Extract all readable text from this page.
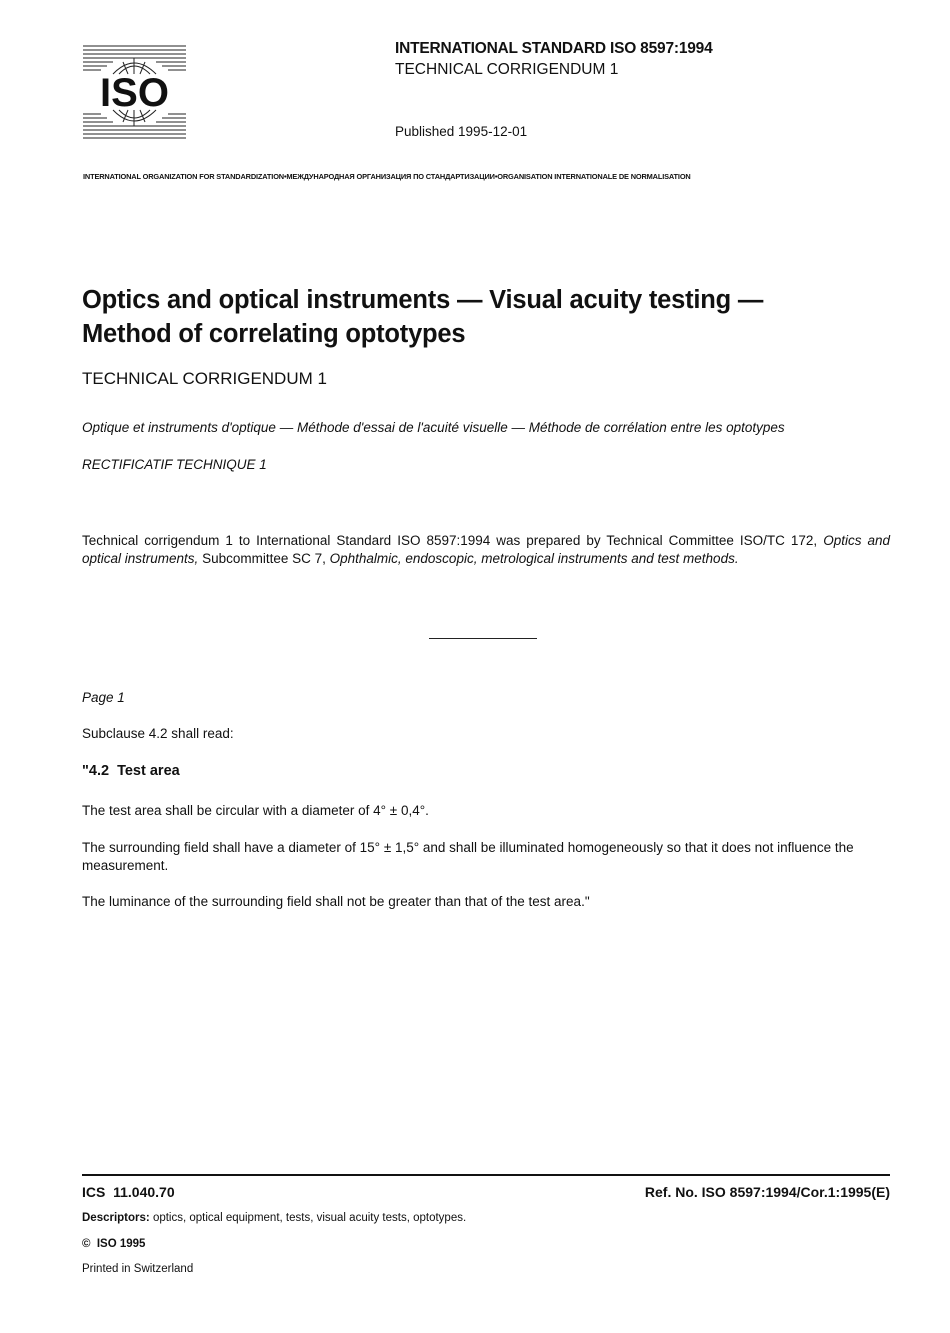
ISO
INTERNATIONAL STANDARD ISO 8597:1994
TECHNICAL CORRIGENDUM 1
Published 1995-12-01
INTERNATIONAL ORGANIZATION FOR STANDARDIZATION•МЕЖДУНАРОДНАЯ ОРГАНИЗАЦИЯ ПО СТАНДАРТИЗАЦИИ•ORGANISATION INTERNATIONALE DE NORMALISATION
Optics and optical instruments — Visual acuity testing —
Method of correlating optotypes
TECHNICAL CORRIGENDUM 1
Optique et instruments d'optique — Méthode d'essai de l'acuité visuelle — Méthode de corrélation entre les optotypes
RECTIFICATIF TECHNIQUE 1
Technical corrigendum 1 to International Standard ISO 8597:1994 was prepared by Technical Committee ISO/TC 172, Optics and optical instruments, Subcommittee SC 7, Ophthalmic, endoscopic, metrological instruments and test methods.
Page 1
Subclause 4.2 shall read:
"4.2  Test area
The test area shall be circular with a diameter of 4° ± 0,4°.
The surrounding field shall have a diameter of 15° ± 1,5° and shall be illuminated homogeneously so that it does not influence the measurement.
The luminance of the surrounding field shall not be greater than that of the test area."
ICS  11.040.70	Ref. No. ISO 8597:1994/Cor.1:1995(E)
Descriptors: optics, optical equipment, tests, visual acuity tests, optotypes.
©  ISO 1995
Printed in Switzerland
